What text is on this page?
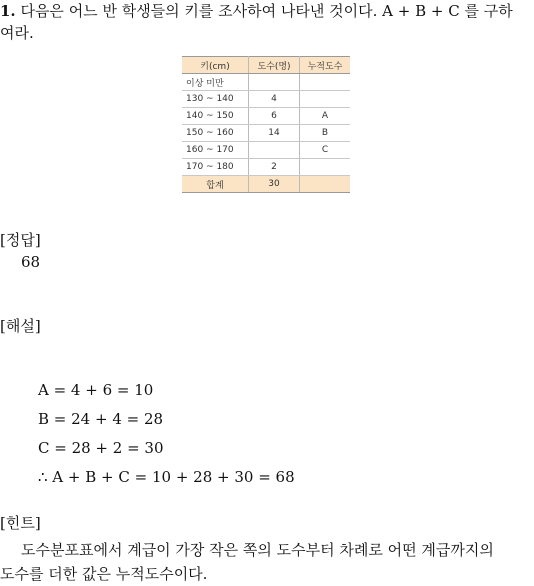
1. 다음은 어느 반 학생들의 키를 조사하여 나타낸 것이다. A + B + C 를 구하
여라.
키(cm)	도수(명)	누적도수
이상 미만		
130 ~ 140	4	
140 ~ 150	6	A
150 ~ 160	14	B
160 ~ 170		C
170 ~ 180	2	
합계	30	
[정답]
68
[해설]
A = 4 + 6 = 10
B = 24 + 4 = 28
C = 28 + 2 = 30
∴ A + B + C = 10 + 28 + 30 = 68
[힌트]
도수분포표에서 계급이 가장 작은 쪽의 도수부터 차례로 어떤 계급까지의
도수를 더한 값은 누적도수이다.
